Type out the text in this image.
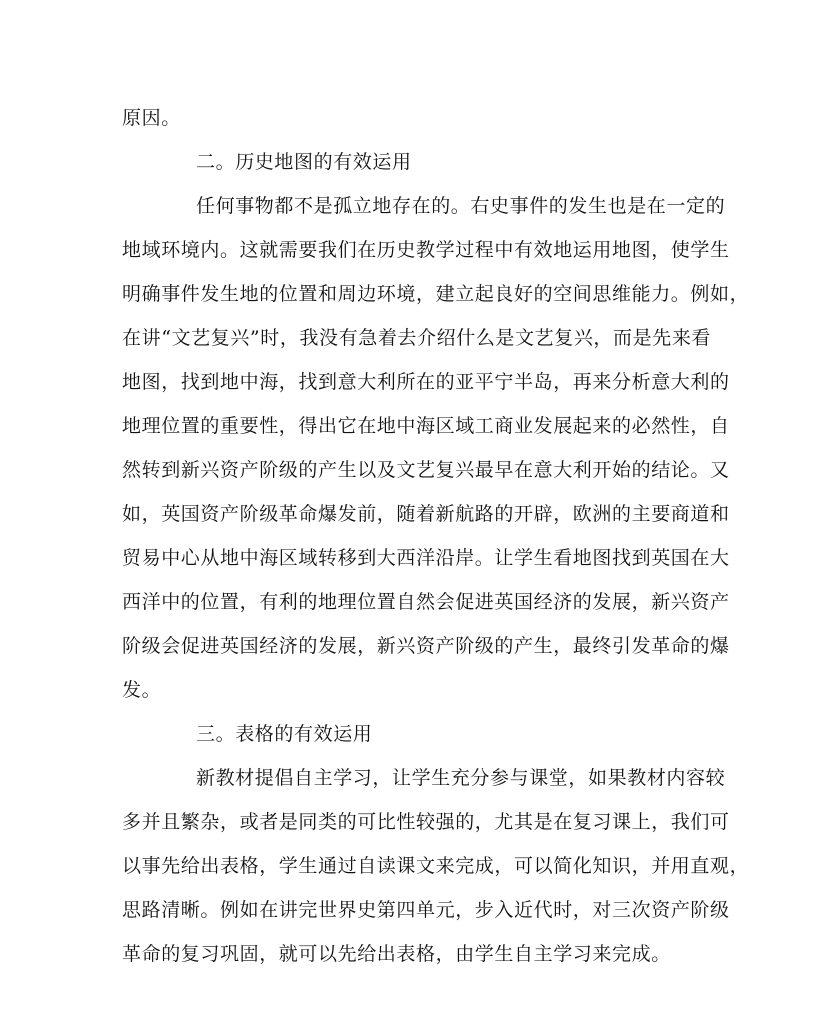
原因。
二。历史地图的有效运用
任何事物都不是孤立地存在的。右史事件的发生也是在一定的
地域环境内。这就需要我们在历史教学过程中有效地运用地图，使学生
明确事件发生地的位置和周边环境，建立起良好的空间思维能力。例如，
在讲“文艺复兴”时，我没有急着去介绍什么是文艺复兴，而是先来看
地图，找到地中海，找到意大利所在的亚平宁半岛，再来分析意大利的
地理位置的重要性，得出它在地中海区域工商业发展起来的必然性，自
然转到新兴资产阶级的产生以及文艺复兴最早在意大利开始的结论。又
如，英国资产阶级革命爆发前，随着新航路的开辟，欧洲的主要商道和
贸易中心从地中海区域转移到大西洋沿岸。让学生看地图找到英国在大
西洋中的位置，有利的地理位置自然会促进英国经济的发展，新兴资产
阶级会促进英国经济的发展，新兴资产阶级的产生，最终引发革命的爆
发。
三。表格的有效运用
新教材提倡自主学习，让学生充分参与课堂，如果教材内容较
多并且繁杂，或者是同类的可比性较强的，尤其是在复习课上，我们可
以事先给出表格，学生通过自读课文来完成，可以简化知识，并用直观，
思路清晰。例如在讲完世界史第四单元，步入近代时，对三次资产阶级
革命的复习巩固，就可以先给出表格，由学生自主学习来完成。
